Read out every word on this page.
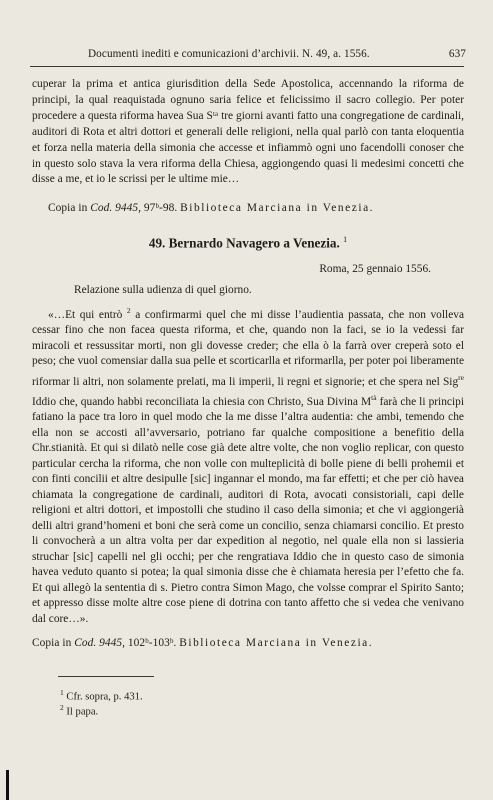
Documenti inediti e comunicazioni d’archivii. N. 49, a. 1556.	637

cuperar la prima et antica giurisdition della Sede Apostolica, accennando la riforma de principi, la qual reaquistada ognuno saria felice et felicissimo il sacro collegio. Per poter procedere a questa riforma havea Sua Sᵗᵃ tre giorni avanti fatto una congregatione de cardinali, auditori di Rota et altri dottori et generali delle religioni, nella qual parlò con tanta eloquentia et forza nella materia della simonia che accesse et infiammò ogni uno facendolli conoser che in questo solo stava la vera riforma della Chiesa, aggiongendo quasi li medesimi concetti che disse a me, et io le scrissi per le ultime mie…

Copia in Cod. 9445, 97ᵇ-98. Biblioteca Marciana in Venezia.
49. Bernardo Navagero a Venezia. $^1$
Roma, 25 gennaio 1556.
Relazione sulla udienza di quel giorno.

«…Et qui entrò $^2$ a confirmarmi quel che mi disse l’audientia passata, che non volleva cessar fino che non facea questa riforma, et che, quando non la faci, se io la vedessi far miracoli et ressussitar morti, non gli dovesse creder; che ella ò la farrà over creperà soto el peso; che vuol comensiar dalla sua pelle et scorticarlla et riformarlla, per poter poi liberamente riformar li altri, non solamente prelati, ma li imperii, li regni et signorie; et che spera nel Sig$^{re}$ Iddio che, quando habbi reconciliata la chiesia con Christo, Sua Divina $M^{tà}$ farà che li principi fatiano la pace tra loro in quel modo che la me disse l’altra audentia: che ambi, temendo che ella non se accosti all’avversario, potriano far qualche compositione a benefitio della Chr.stianità. Et qui si dilatò nelle cose già dete altre volte, che non voglio replicar, con questo particular cercha la riforma, che non volle con multeplicità di bolle piene di belli prohemii et con finti concilii et altre desipulle [sic] ingannar el mondo, ma far effetti; et che per ciò havea chiamata la congregatione de cardinali, auditori di Rota, avocati consistoriali, capi delle religioni et altri dottori, et impostolli che studino il caso della simonia; et che vi aggiongerià delli altri grand’homeni et boni che serà come un concilio, senza chiamarsi concilio. Et presto li convocherà a un altra volta per dar expedition al negotio, nel quale ella non si lassieria struchar [sic] capelli nel gli occhi; per che rengratiava Iddio che in questo caso de simonia havea veduto quanto si potea; la qual simonia disse che è chiamata heresia per l’efetto che fa. Et qui allegò la sententia di s. Pietro contra Simon Mago, che volsse comprar el Spirito Santo; et appresso disse molte altre cose piene di dotrina con tanto affetto che si vedea che venivano dal core…».

Copia in Cod. 9445, 102ᵇ-103ᵇ. Biblioteca Marciana in Venezia.
$^1$ Cfr. sopra, p. 431.
$^2$ Il papa.
